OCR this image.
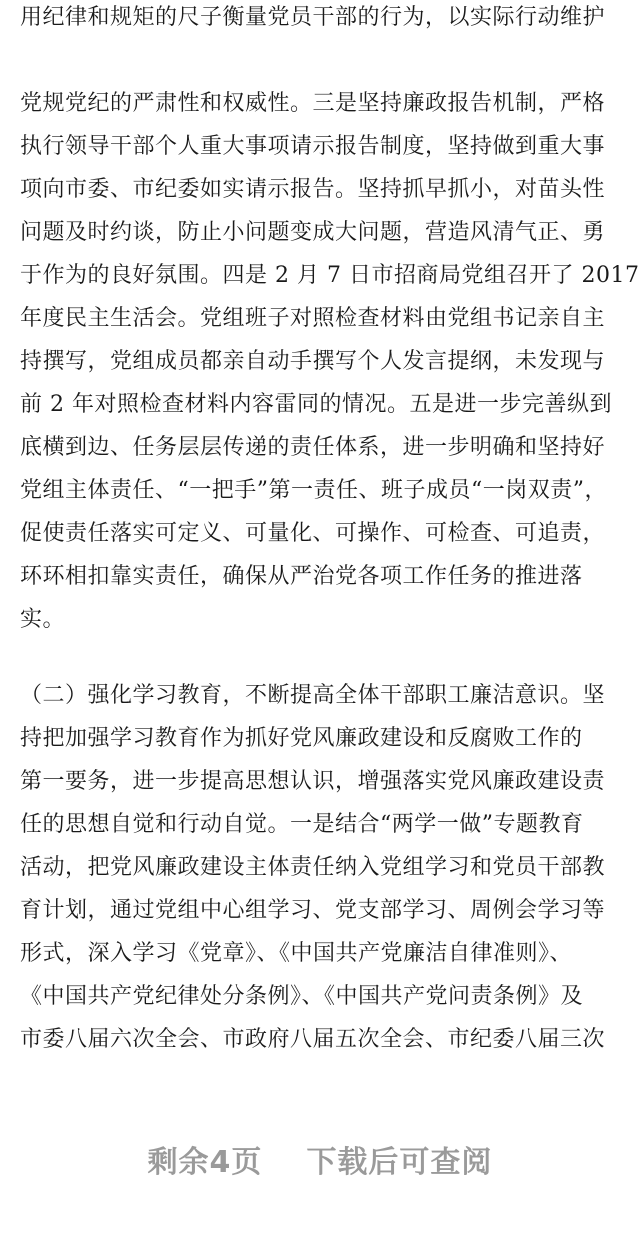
用纪律和规矩的尺子衡量党员干部的行为，以实际行动维护
党规党纪的严肃性和权威性。三是坚持廉政报告机制，严格
执行领导干部个人重大事项请示报告制度，坚持做到重大事
项向市委、市纪委如实请示报告。坚持抓早抓小，对苗头性
问题及时约谈，防止小问题变成大问题，营造风清气正、勇
于作为的良好氛围。四是 2 月 7 日市招商局党组召开了 2017
年度民主生活会。党组班子对照检查材料由党组书记亲自主
持撰写，党组成员都亲自动手撰写个人发言提纲，未发现与
前 2 年对照检查材料内容雷同的情况。五是进一步完善纵到
底横到边、任务层层传递的责任体系，进一步明确和坚持好
党组主体责任、“一把手”第一责任、班子成员“一岗双责”，
促使责任落实可定义、可量化、可操作、可检查、可追责，
环环相扣靠实责任，确保从严治党各项工作任务的推进落
实。
（二）强化学习教育，不断提高全体干部职工廉洁意识。坚
持把加强学习教育作为抓好党风廉政建设和反腐败工作的
第一要务，进一步提高思想认识，增强落实党风廉政建设责
任的思想自觉和行动自觉。一是结合“两学一做”专题教育
活动，把党风廉政建设主体责任纳入党组学习和党员干部教
育计划，通过党组中心组学习、党支部学习、周例会学习等
形式，深入学习《党章》、《中国共产党廉洁自律准则》、
《中国共产党纪律处分条例》、《中国共产党问责条例》及
市委八届六次全会、市政府八届五次全会、市纪委八届三次
剩余4页 下载后可查阅
